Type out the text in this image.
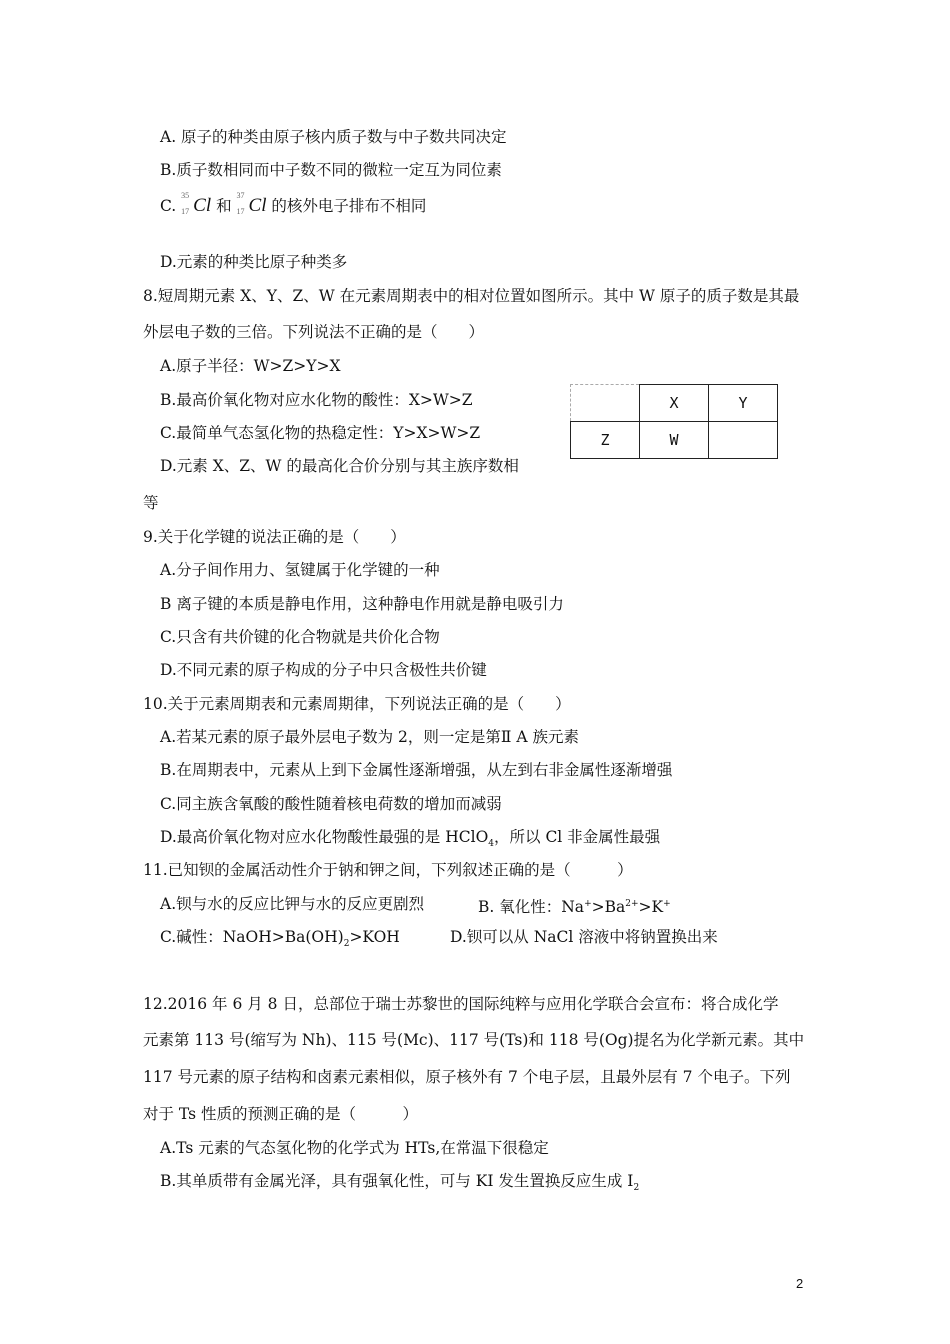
A. 原子的种类由原子核内质子数与中子数共同决定
B.质子数相同而中子数不同的微粒一定互为同位素
C.
35
17 Cl 和
37
17 Cl 的核外电子排布不相同
D.元素的种类比原子种类多
8.短周期元素 X、Y、Z、W 在元素周期表中的相对位置如图所示。其中 W 原子的质子数是其最
外层电子数的三倍。下列说法不正确的是（　　）
A.原子半径：W>Z>Y>X
B.最高价氧化物对应水化物的酸性：X>W>Z
C.最简单气态氢化物的热稳定性：Y>X>W>Z
D.元素 X、Z、W 的最高化合价分别与其主族序数相
等
	X	Y
Z	W	
9.关于化学键的说法正确的是（　　）
A.分子间作用力、氢键属于化学键的一种
B 离子键的本质是静电作用，这种静电作用就是静电吸引力
C.只含有共价键的化合物就是共价化合物
D.不同元素的原子构成的分子中只含极性共价键
10.关于元素周期表和元素周期律，下列说法正确的是（　　）
A.若某元素的原子最外层电子数为 2，则一定是第Ⅱ A 族元素
B.在周期表中，元素从上到下金属性逐渐增强，从左到右非金属性逐渐增强
C.同主族含氧酸的酸性随着核电荷数的增加而减弱
D.最高价氧化物对应水化物酸性最强的是 HClO$_4$，所以 Cl 非金属性最强
11.已知钡的金属活动性介于钠和钾之间，下列叙述正确的是（　　　）
A.钡与水的反应比钾与水的反应更剧烈	B. 氧化性：$Na^+>Ba^{2+}>K^+$
C.碱性：$NaOH>Ba(OH)_2>KOH$	D.钡可以从 NaCl 溶液中将钠置换出来
12.2016 年 6 月 8 日，总部位于瑞士苏黎世的国际纯粹与应用化学联合会宣布：将合成化学
元素第 113 号(缩写为 Nh)、115 号(Mc)、117 号(Ts)和 118 号(Og)提名为化学新元素。其中
117 号元素的原子结构和卤素元素相似，原子核外有 7 个电子层，且最外层有 7 个电子。下列
对于 Ts 性质的预测正确的是（　　　）
A.Ts 元素的气态氢化物的化学式为 HTs,在常温下很稳定
B.其单质带有金属光泽，具有强氧化性，可与 KI 发生置换反应生成 $I_2$
2
